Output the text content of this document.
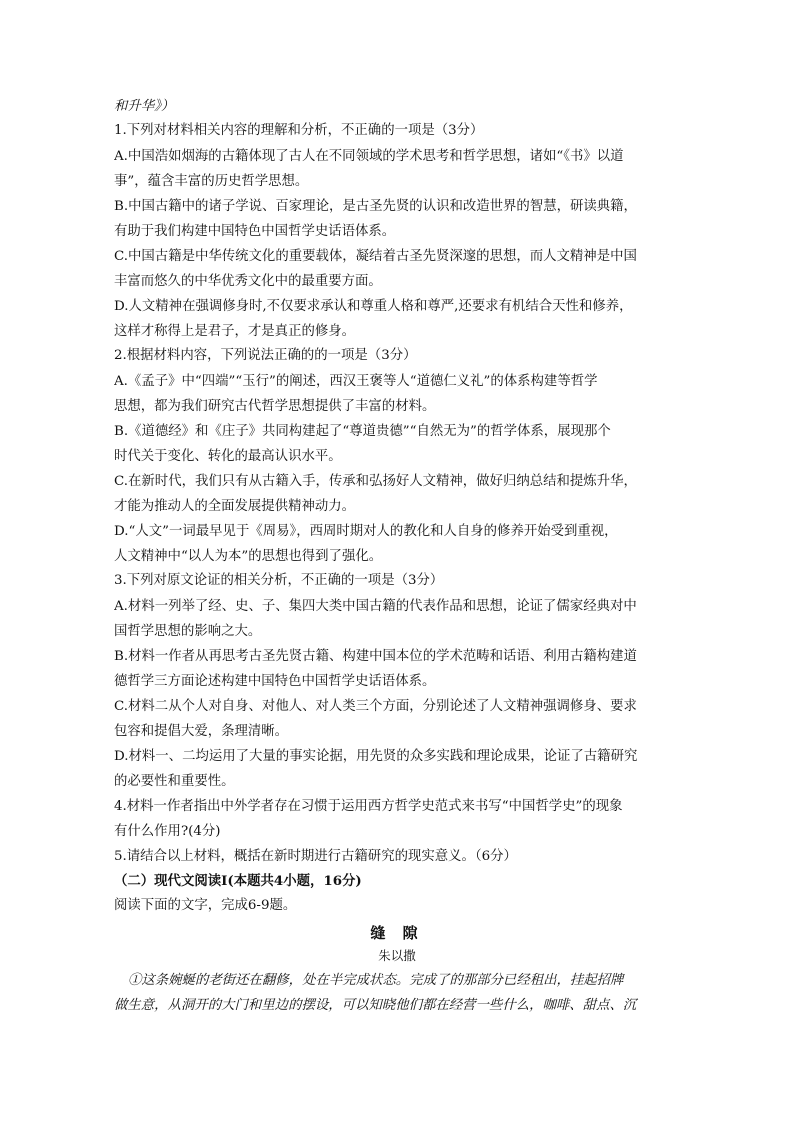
和升华》）
1.下列对材料相关内容的理解和分析，不正确的一项是（3分）
A.中国浩如烟海的古籍体现了古人在不同领域的学术思考和哲学思想，诸如“《书》以道
事”，蕴含丰富的历史哲学思想。
B.中国古籍中的诸子学说、百家理论，是古圣先贤的认识和改造世界的智慧，研读典籍，
有助于我们构建中国特色中国哲学史话语体系。
C.中国古籍是中华传统文化的重要载体，凝结着古圣先贤深邃的思想，而人文精神是中国
丰富而悠久的中华优秀文化中的最重要方面。
D.人文精神在强调修身时,不仅要求承认和尊重人格和尊严,还要求有机结合天性和修养，
这样才称得上是君子，才是真正的修身。
2.根据材料内容，下列说法正确的的一项是（3分）
A.《孟子》中“四端”“玉行”的阐述，西汉王褒等人“道德仁义礼”的体系构建等哲学
思想，都为我们研究古代哲学思想提供了丰富的材料。
B.《道德经》和《庄子》共同构建起了“尊道贵德”“自然无为”的哲学体系，展现那个
时代关于变化、转化的最高认识水平。
C.在新时代，我们只有从古籍入手，传承和弘扬好人文精神，做好归纳总结和提炼升华，
才能为推动人的全面发展提供精神动力。
D.“人文”一词最早见于《周易》，西周时期对人的教化和人自身的修养开始受到重视，
人文精神中“以人为本”的思想也得到了强化。
3.下列对原文论证的相关分析，不正确的一项是（3分）
A.材料一列举了经、史、子、集四大类中国古籍的代表作品和思想，论证了儒家经典对中
国哲学思想的影响之大。
B.材料一作者从再思考古圣先贤古籍、构建中国本位的学术范畴和话语、利用古籍构建道
德哲学三方面论述构建中国特色中国哲学史话语体系。
C.材料二从个人对自身、对他人、对人类三个方面，分别论述了人文精神强调修身、要求
包容和提倡大爱，条理清晰。
D.材料一、二均运用了大量的事实论据，用先贤的众多实践和理论成果，论证了古籍研究
的必要性和重要性。
4.材料一作者指出中外学者存在习惯于运用西方哲学史范式来书写“中国哲学史”的现象
有什么作用?(4分)
5.请结合以上材料，概括在新时期进行古籍研究的现实意义。（6分）
（二）现代文阅读Ⅰ(本题共4小题，16分)
阅读下面的文字，完成6-9题。
缝 隙
朱以撒
①这条婉蜒的老街还在翻修，处在半完成状态。完成了的那部分已经租出，挂起招牌
做生意，从洞开的大门和里边的摆设，可以知晓他们都在经营一些什么，咖啡、甜点、沉
